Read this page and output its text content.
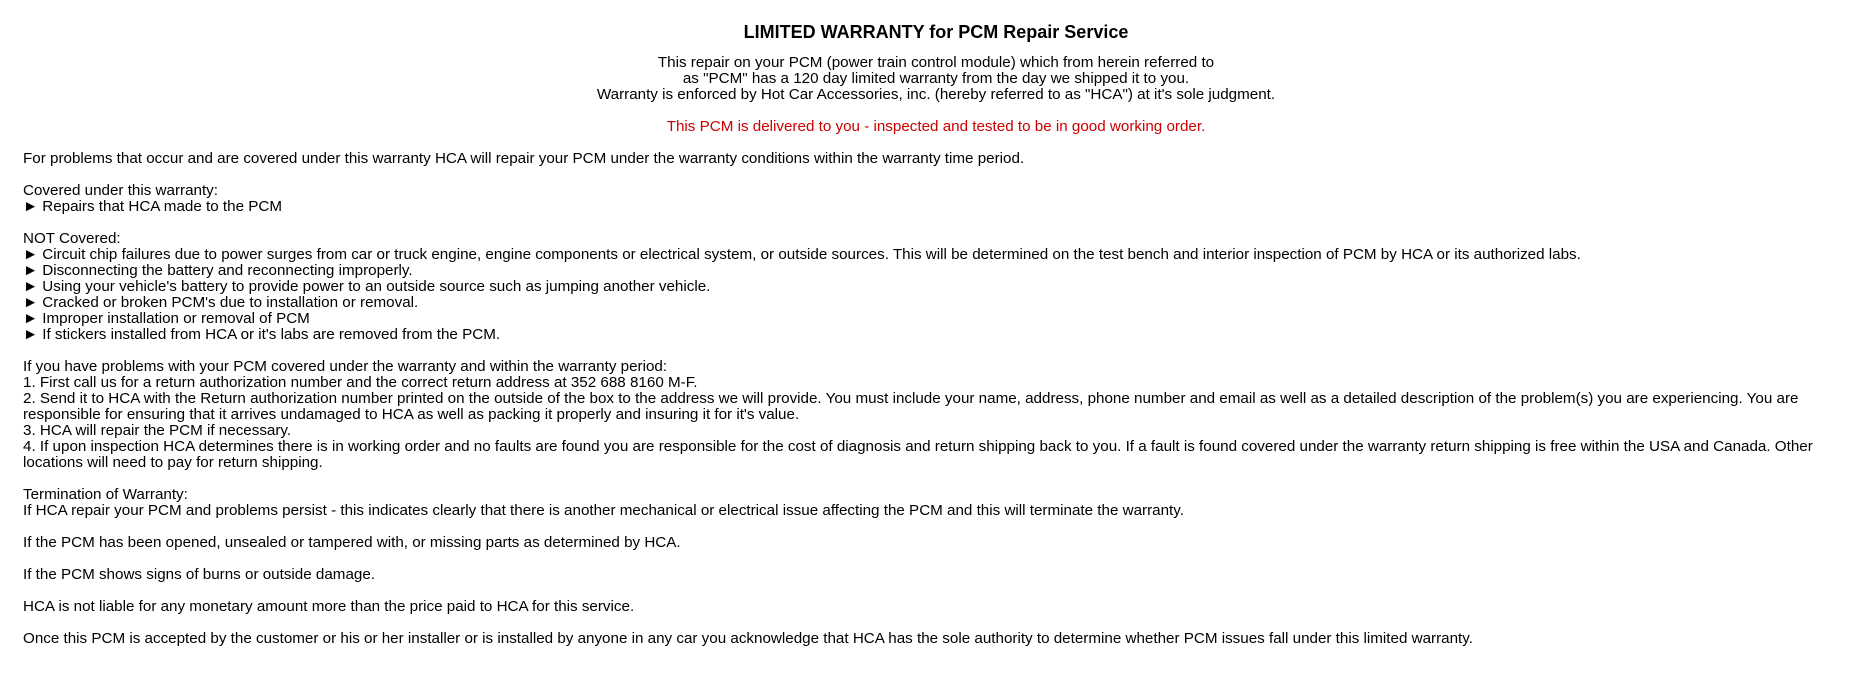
LIMITED WARRANTY for PCM Repair Service
This repair on your PCM (power train control module) which from herein referred to
as "PCM" has a 120 day limited warranty from the day we shipped it to you.
Warranty is enforced by Hot Car Accessories, inc. (hereby referred to as "HCA") at it's sole judgment.
This PCM is delivered to you - inspected and tested to be in good working order.
For problems that occur and are covered under this warranty HCA will repair your PCM under the warranty conditions within the warranty time period.
Covered under this warranty:
► Repairs that HCA made to the PCM
NOT Covered:
► Circuit chip failures due to power surges from car or truck engine, engine components or electrical system, or outside sources. This will be determined on the test bench and interior inspection of PCM by HCA or its authorized labs.
► Disconnecting the battery and reconnecting improperly.
► Using your vehicle's battery to provide power to an outside source such as jumping another vehicle.
► Cracked or broken PCM's due to installation or removal.
► Improper installation or removal of PCM
► If stickers installed from HCA or it's labs are removed from the PCM.
If you have problems with your PCM covered under the warranty and within the warranty period:
1. First call us for a return authorization number and the correct return address at 352 688 8160 M-F.
2. Send it to HCA with the Return authorization number printed on the outside of the box to the address we will provide. You must include your name, address, phone number and email as well as a detailed description of the problem(s) you are experiencing. You are responsible for ensuring that it arrives undamaged to HCA as well as packing it properly and insuring it for it's value.
3. HCA will repair the PCM if necessary.
4. If upon inspection HCA determines there is in working order and no faults are found you are responsible for the cost of diagnosis and return shipping back to you. If a fault is found covered under the warranty return shipping is free within the USA and Canada. Other locations will need to pay for return shipping.
Termination of Warranty:
If HCA repair your PCM and problems persist - this indicates clearly that there is another mechanical or electrical issue affecting the PCM and this will terminate the warranty.
If the PCM has been opened, unsealed or tampered with, or missing parts as determined by HCA.
If the PCM shows signs of burns or outside damage.
HCA is not liable for any monetary amount more than the price paid to HCA for this service.
Once this PCM is accepted by the customer or his or her installer or is installed by anyone in any car you acknowledge that HCA has the sole authority to determine whether PCM issues fall under this limited warranty.
